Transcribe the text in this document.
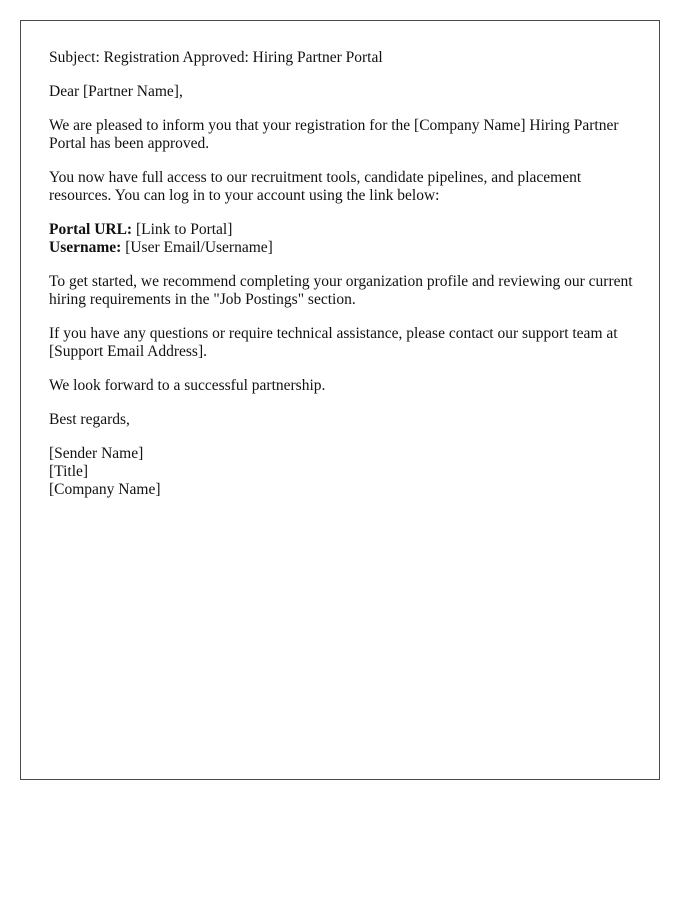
Subject: Registration Approved: Hiring Partner Portal

Dear [Partner Name],

We are pleased to inform you that your registration for the [Company Name] Hiring Partner Portal has been approved.

You now have full access to our recruitment tools, candidate pipelines, and placement resources. You can log in to your account using the link below:

Portal URL: [Link to Portal]
Username: [User Email/Username]

To get started, we recommend completing your organization profile and reviewing our current hiring requirements in the "Job Postings" section.

If you have any questions or require technical assistance, please contact our support team at [Support Email Address].

We look forward to a successful partnership.

Best regards,

[Sender Name]
[Title]
[Company Name]
